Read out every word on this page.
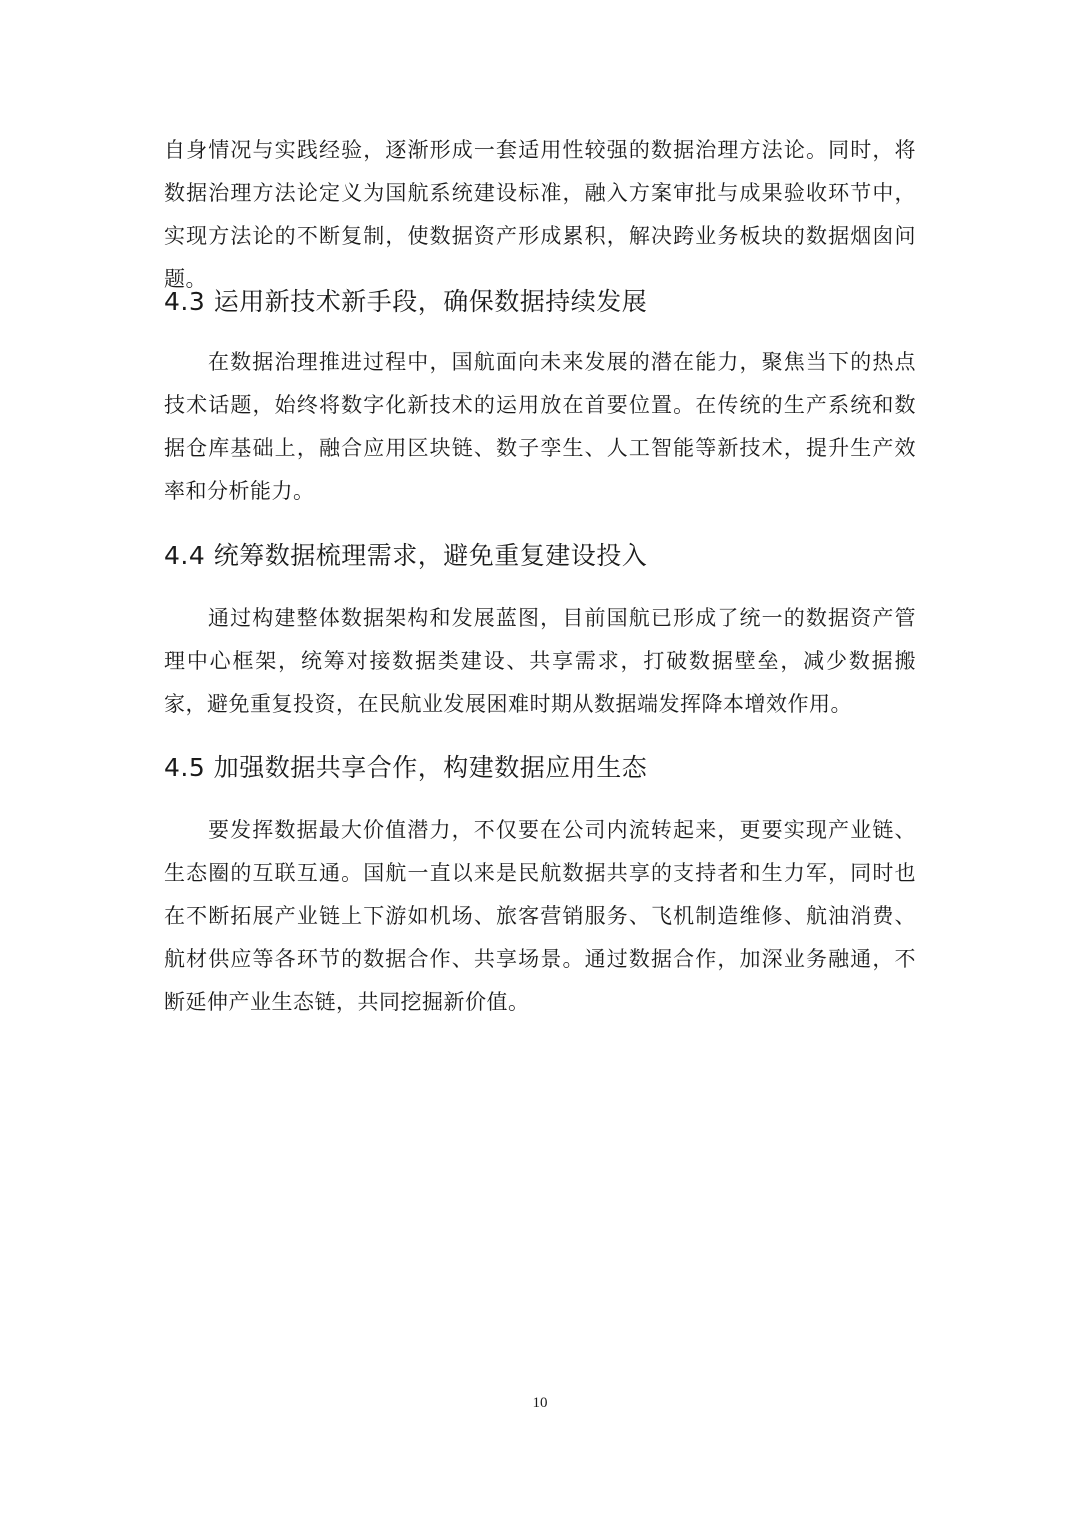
自身情况与实践经验，逐渐形成一套适用性较强的数据治理方法论。同时，将数据治理方法论定义为国航系统建设标准，融入方案审批与成果验收环节中，实现方法论的不断复制，使数据资产形成累积，解决跨业务板块的数据烟囱问题。

4.3 运用新技术新手段，确保数据持续发展

在数据治理推进过程中，国航面向未来发展的潜在能力，聚焦当下的热点技术话题，始终将数字化新技术的运用放在首要位置。在传统的生产系统和数据仓库基础上，融合应用区块链、数子孪生、人工智能等新技术，提升生产效率和分析能力。

4.4 统筹数据梳理需求，避免重复建设投入

通过构建整体数据架构和发展蓝图，目前国航已形成了统一的数据资产管理中心框架，统筹对接数据类建设、共享需求，打破数据壁垒，减少数据搬家，避免重复投资，在民航业发展困难时期从数据端发挥降本增效作用。

4.5 加强数据共享合作，构建数据应用生态

要发挥数据最大价值潜力，不仅要在公司内流转起来，更要实现产业链、生态圈的互联互通。国航一直以来是民航数据共享的支持者和生力军，同时也在不断拓展产业链上下游如机场、旅客营销服务、飞机制造维修、航油消费、航材供应等各环节的数据合作、共享场景。通过数据合作，加深业务融通，不断延伸产业生态链，共同挖掘新价值。

10
